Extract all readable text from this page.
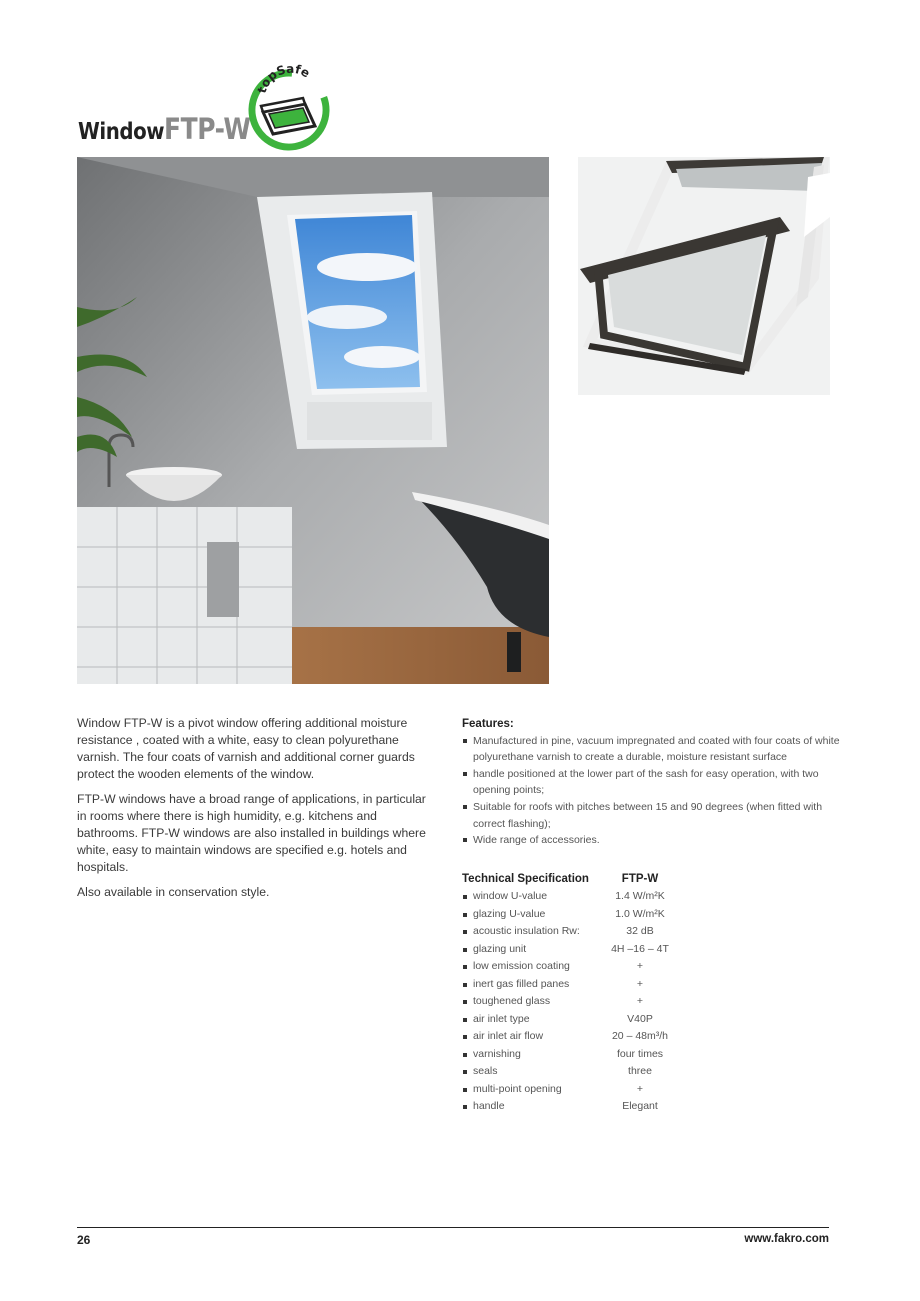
Window FTP-W
topSafe

Window FTP-W is a pivot window offering additional moisture resistance , coated with a white, easy to clean polyurethane varnish. The four coats of varnish and additional corner guards protect the wooden elements of the window.

FTP-W windows have a broad range of applications, in particular in rooms where there is high humidity, e.g. kitchens and bathrooms. FTP-W windows are also installed in buildings where white, easy to maintain windows are specified e.g. hotels and hospitals.

Also available in conservation style.

Features:
Manufactured in pine, vacuum impregnated and coated with four coats of white polyurethane varnish to create a durable, moisture resistant surface
handle positioned at the lower part of the sash for easy operation, with two opening points;
Suitable for roofs with pitches between 15 and 90 degrees (when fitted with correct flashing);
Wide range of accessories.
Technical Specification	FTP-W
window U-value	1.4 W/m²K
glazing U-value	1.0 W/m²K
acoustic insulation Rw:	32 dB
glazing unit	4H –16 – 4T
low emission coating	+
inert gas filled panes	+
toughened glass	+
air inlet type	V40P
air inlet air flow	20 – 48m³/h
varnishing	four times
seals	three
multi-point opening	+
handle	Elegant
26	www.fakro.com
